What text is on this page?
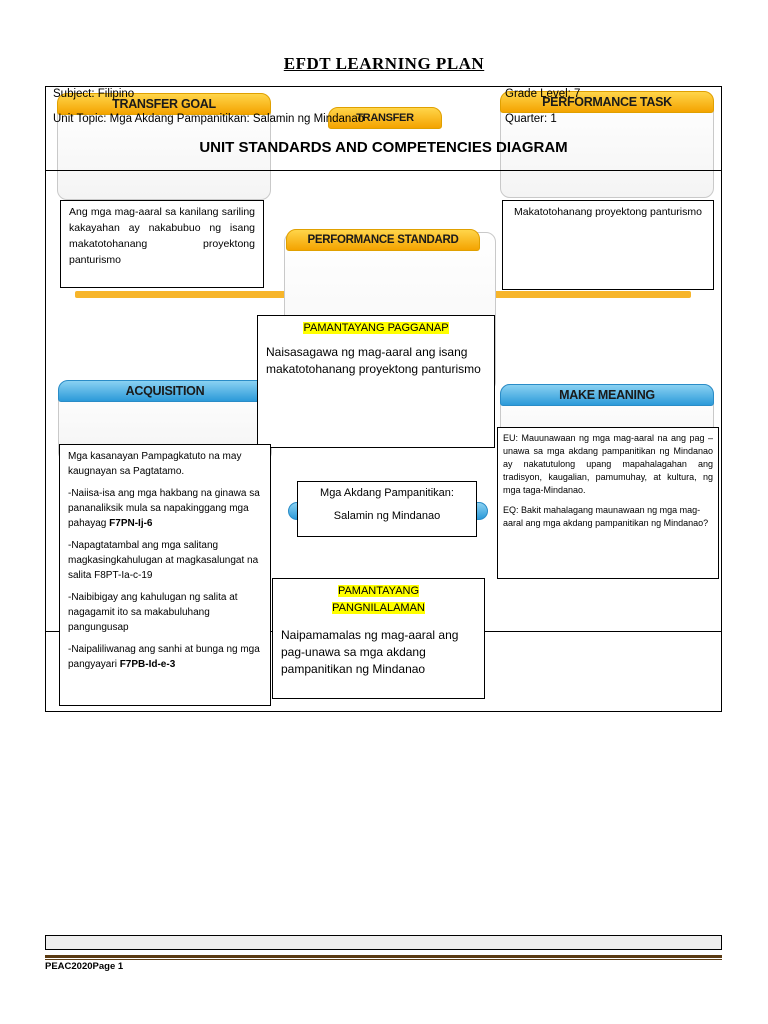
EFDT LEARNING PLAN
TRANSFER GOAL
TRANSFER
PERFORMANCE TASK
PERFORMANCE STANDARD
ACQUISITION	MAKE MEANING
Subject: Filipino	Grade Level: 7
Unit Topic: Mga Akdang Pampanitikan: Salamin ng Mindanao	Quarter: 1
UNIT STANDARDS AND COMPETENCIES DIAGRAM

Ang mga mag-aaral sa kanilang sariling kakayahan ay nakabubuo ng isang makatotohanang proyektong panturismo

Makatotohanang proyektong panturismo

PAMANTAYANG PAGGANAP

Naisasagawa ng mag-aaral ang isang makatotohanang proyektong panturismo

Mga kasanayan Pampagkatuto na may kaugnayan sa Pagtatamo.

-Naiisa-isa ang mga hakbang na ginawa sa pananaliksik mula sa napakinggang mga pahayag F7PN-Ij-6

-Napagtatambal ang mga salitang magkasingkahulugan at magkasalungat na salita F8PT-Ia-c-19

-Naibibigay ang kahulugan ng salita at nagagamit ito sa makabuluhang pangungusap

-Naipaliliwanag ang sanhi at bunga ng mga pangyayari F7PB-Id-e-3

EU: Mauunawaan ng mga mag-aaral na ang pag – unawa sa mga akdang pampanitikan ng Mindanao ay nakatutulong upang mapahalagahan ang tradisyon, kaugalian, pamumuhay, at kultura, ng mga taga-Mindanao.

EQ: Bakit mahalagang maunawaan ng mga mag-aaral ang mga akdang pampanitikan ng Mindanao?

Mga Akdang Pampanitikan:

Salamin ng Mindanao

PAMANTAYANG

PANGNILALAMAN

Naipamamalas ng mag-aaral ang pag-unawa sa mga akdang pampanitikan ng Mindanao

PEAC2020Page 1
